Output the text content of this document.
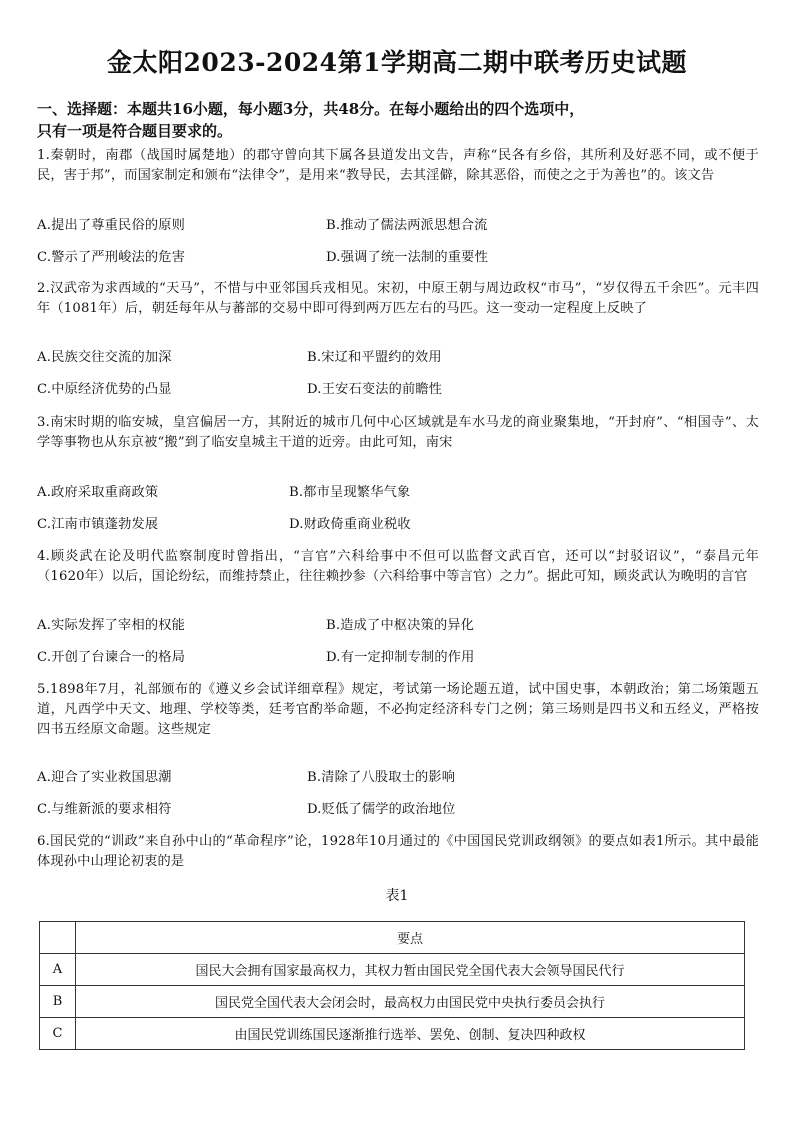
金太阳2023-2024第1学期高二期中联考历史试题
一、选择题：本题共16小题，每小题3分，共48分。在每小题给出的四个选项中，
只有一项是符合题目要求的。
1.秦朝时，南郡（战国时属楚地）的郡守曾向其下属各县道发出文告，声称“民各有乡俗，其所利及好恶不同，或不便于民，害于邦”，而国家制定和颁布“法律令”，是用来“教导民，去其淫僻，除其恶俗，而使之之于为善也”的。该文告
A.提出了尊重民俗的原则	B.推动了儒法两派思想合流
C.警示了严刑峻法的危害	D.强调了统一法制的重要性
2.汉武帝为求西域的“天马”，不惜与中亚邻国兵戎相见。宋初，中原王朝与周边政权“市马”，“岁仅得五千余匹”。元丰四年（1081年）后，朝廷每年从与蕃部的交易中即可得到两万匹左右的马匹。这一变动一定程度上反映了
A.民族交往交流的加深	B.宋辽和平盟约的效用
C.中原经济优势的凸显	D.王安石变法的前瞻性
3.南宋时期的临安城，皇宫偏居一方，其附近的城市几何中心区域就是车水马龙的商业聚集地，“开封府”、“相国寺”、太学等事物也从东京被“搬”到了临安皇城主干道的近旁。由此可知，南宋
A.政府采取重商政策	B.都市呈现繁华气象
C.江南市镇蓬勃发展	D.财政倚重商业税收
4.顾炎武在论及明代监察制度时曾指出，“言官”六科给事中不但可以监督文武百官，还可以“封驳诏议”，“泰昌元年（1620年）以后，国论纷纭，而维持禁止，往往赖抄参（六科给事中等言官）之力”。据此可知，顾炎武认为晚明的言官
A.实际发挥了宰相的权能	B.造成了中枢决策的异化
C.开创了台谏合一的格局	D.有一定抑制专制的作用
5.1898年7月，礼部颁布的《遵义乡会试详细章程》规定，考试第一场论题五道，试中国史事，本朝政治；第二场策题五道，凡西学中天文、地理、学校等类，廷考官酌举命题，不必拘定经济科专门之例；第三场则是四书义和五经义，严格按四书五经原文命题。这些规定
A.迎合了实业救国思潮	B.清除了八股取士的影响
C.与维新派的要求相符	D.贬低了儒学的政治地位
6.国民党的“训政”来自孙中山的“革命程序”论，1928年10月通过的《中国国民党训政纲领》的要点如表1所示。其中最能体现孙中山理论初衷的是
表1
	要点
A	国民大会拥有国家最高权力，其权力暂由国民党全国代表大会领导国民代行
B	国民党全国代表大会闭会时，最高权力由国民党中央执行委员会执行
C	由国民党训练国民逐渐推行选举、罢免、创制、复决四种政权
